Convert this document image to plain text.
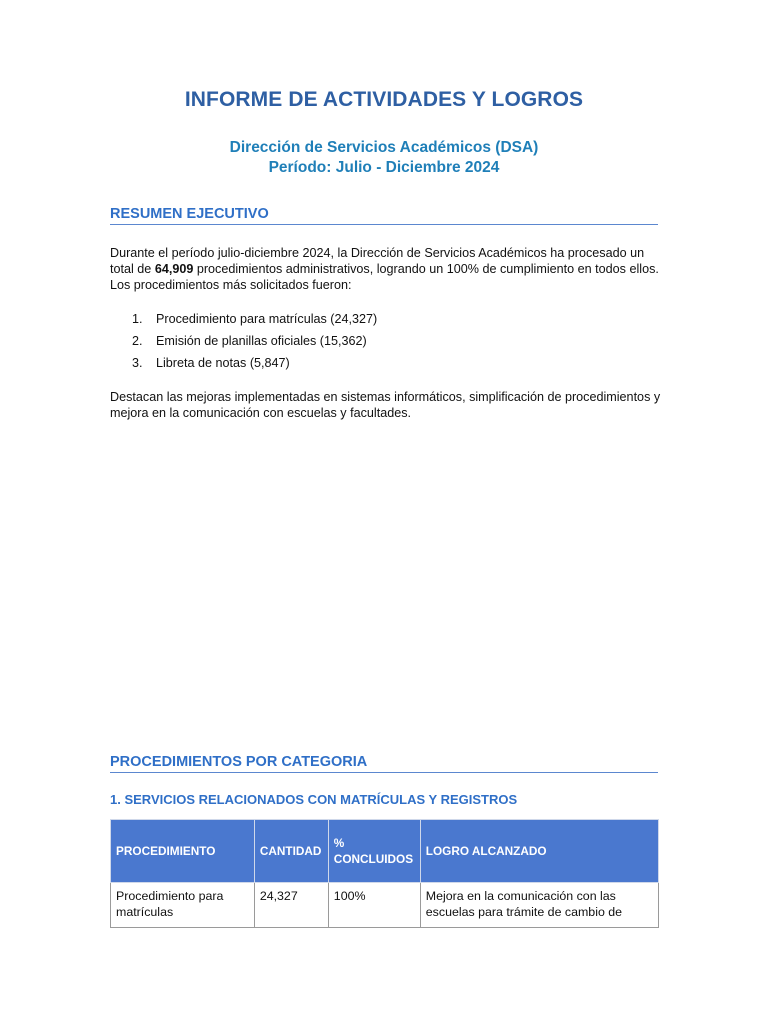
INFORME DE ACTIVIDADES Y LOGROS
Dirección de Servicios Académicos (DSA)
Período: Julio - Diciembre 2024
RESUMEN EJECUTIVO
Durante el período julio-diciembre 2024, la Dirección de Servicios Académicos ha procesado un total de 64,909 procedimientos administrativos, logrando un 100% de cumplimiento en todos ellos. Los procedimientos más solicitados fueron:
1.	Procedimiento para matrículas (24,327)
2.	Emisión de planillas oficiales (15,362)
3.	Libreta de notas (5,847)
Destacan las mejoras implementadas en sistemas informáticos, simplificación de procedimientos y mejora en la comunicación con escuelas y facultades.
PROCEDIMIENTOS POR CATEGORIA
1. SERVICIOS RELACIONADOS CON MATRÍCULAS Y REGISTROS
PROCEDIMIENTO	CANTIDAD	% CONCLUIDOS	LOGRO ALCANZADO
Procedimiento para matrículas	24,327	100%	Mejora en la comunicación con las escuelas para trámite de cambio de
